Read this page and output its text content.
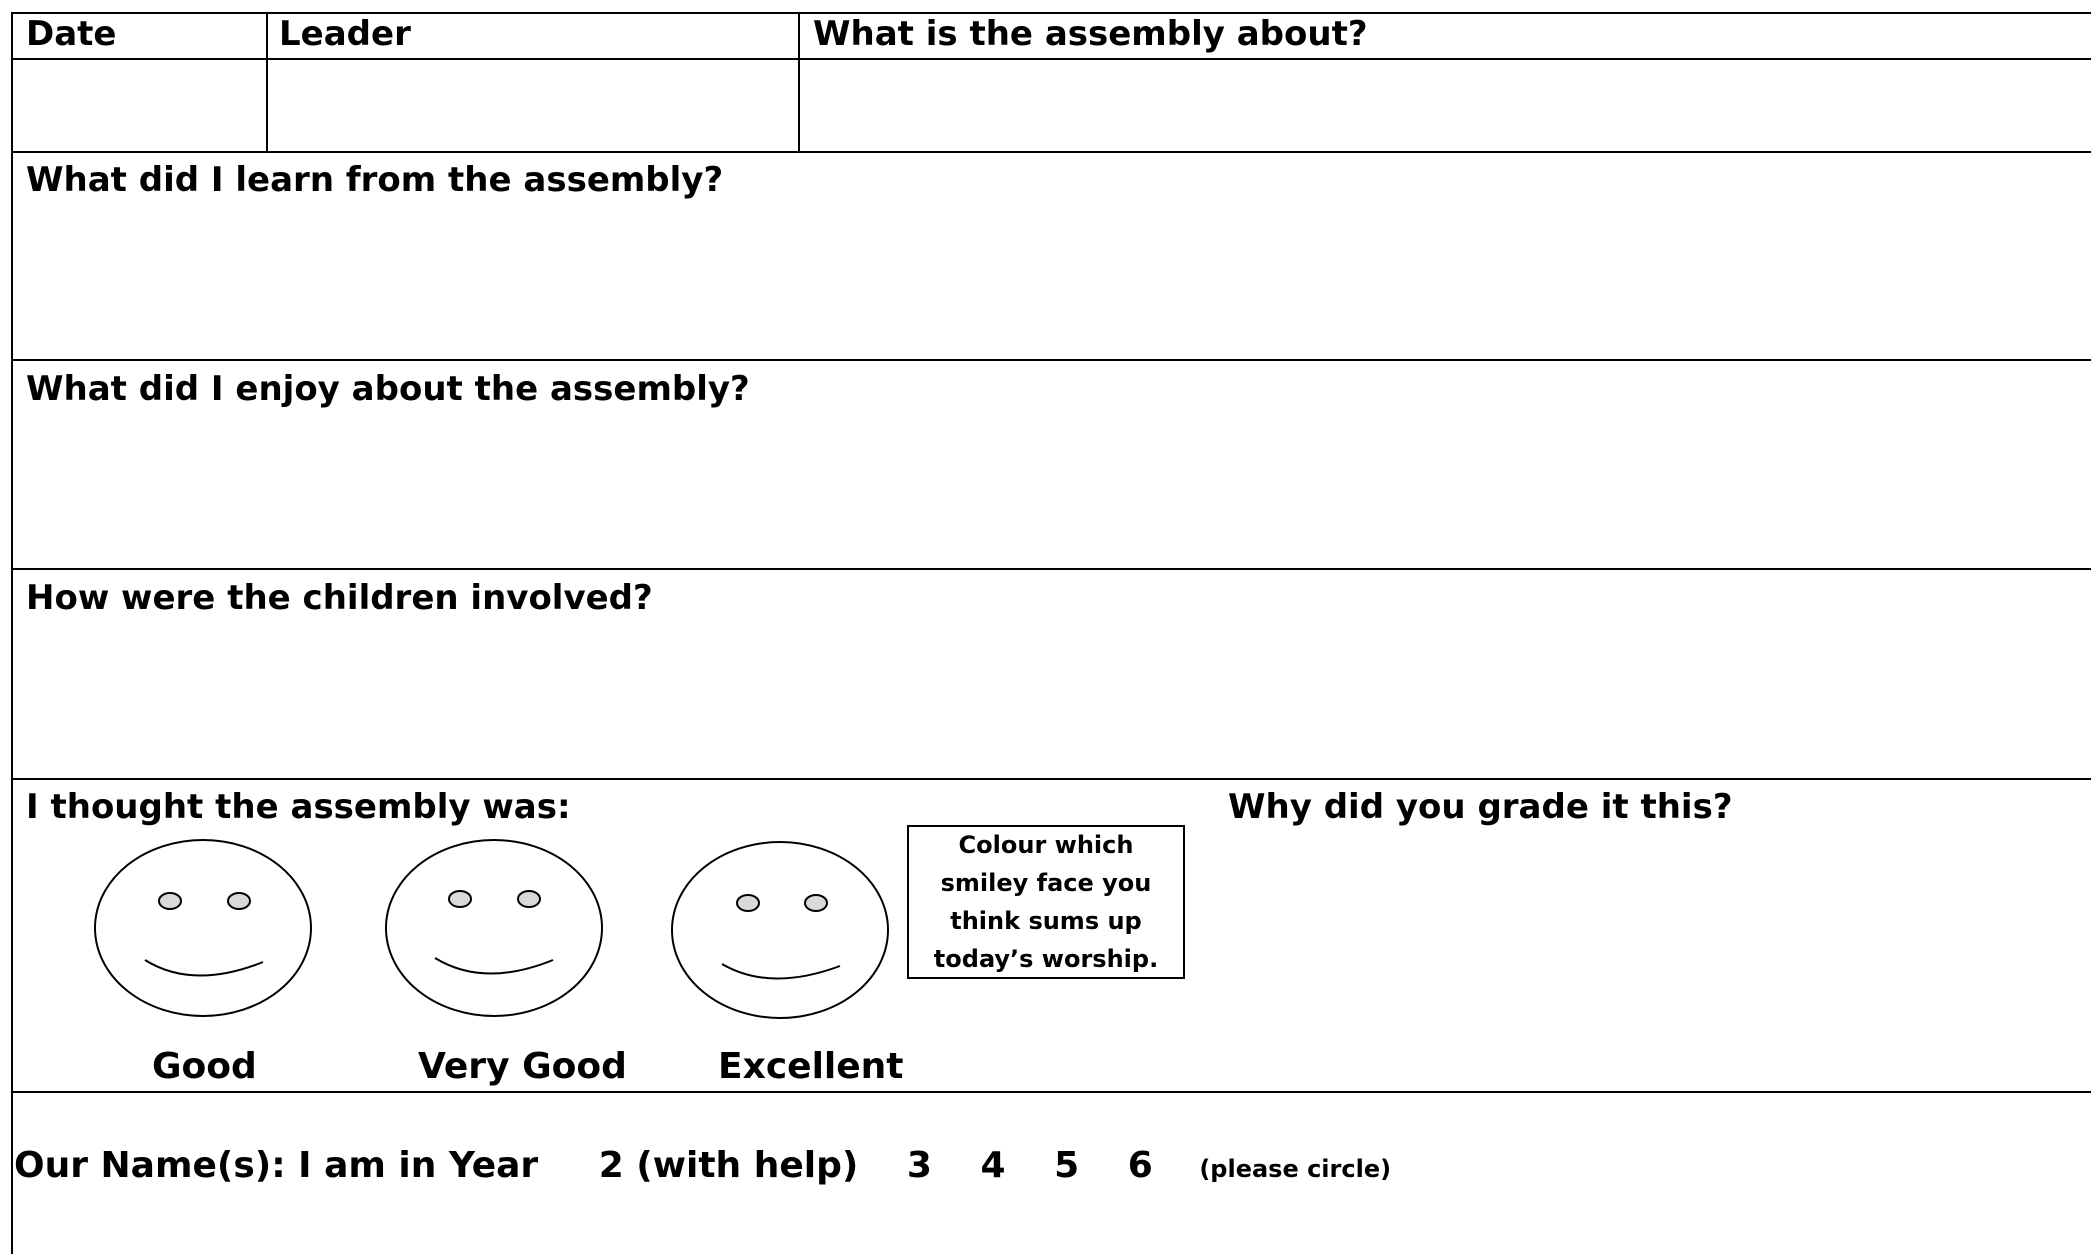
Date	Leader	What is the assembly about?
What did I learn from the assembly?
What did I enjoy about the assembly?
How were the children involved?
I thought the assembly was:	Why did you grade it this?
Good	Very Good	Excellent
Colour which smiley face you think sums up today’s worship.
Our Name(s): I am in Year 2 (with help) 3 4 5 6 (please circle)
